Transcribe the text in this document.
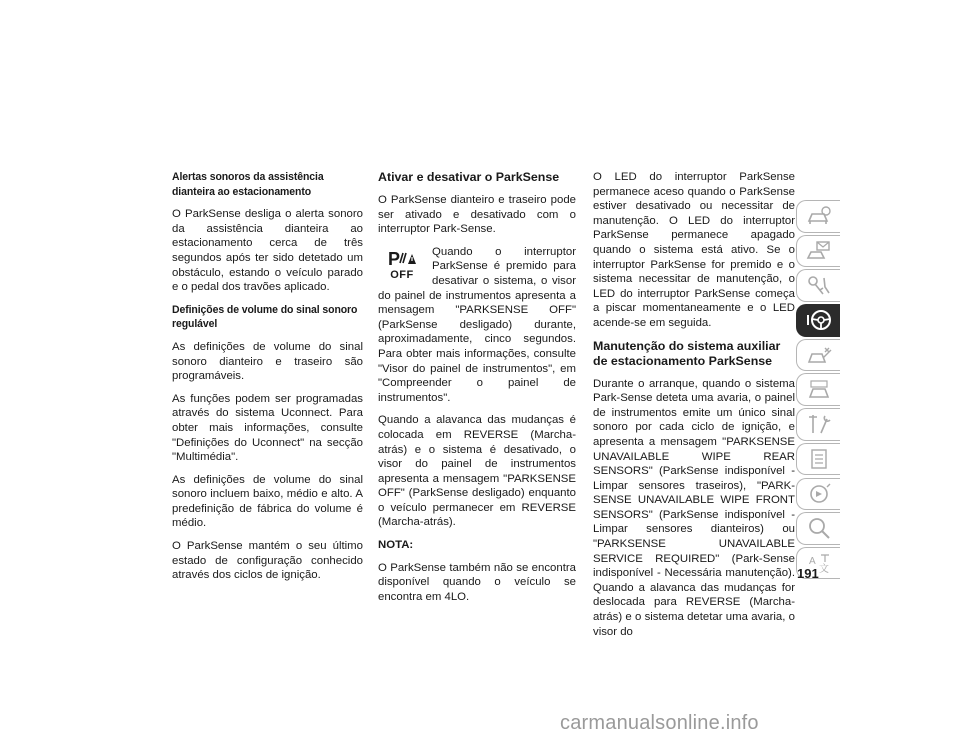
Alertas sonoros da assistência dianteira ao estacionamento

O ParkSense desliga o alerta sonoro da assistência dianteira ao estacionamento cerca de três segundos após ter sido detetado um obstáculo, estando o veículo parado e o pedal dos travões aplicado.

Definições de volume do sinal sonoro regulável

As definições de volume do sinal sonoro dianteiro e traseiro são programáveis.

As funções podem ser programadas através do sistema Uconnect. Para obter mais informações, consulte "Definições do Uconnect" na secção "Multimédia".

As definições de volume do sinal sonoro incluem baixo, médio e alto. A predefinição de fábrica do volume é médio.

O ParkSense mantém o seu último estado de configuração conhecido através dos ciclos de ignição.

Ativar e desativar o ParkSense

O ParkSense dianteiro e traseiro pode ser ativado e desativado com o interruptor Park-Sense.

P
OFF
Quando o interruptor ParkSense é premido para desativar o sistema, o visor do painel de instrumentos apresenta a mensagem "PARKSENSE OFF" (ParkSense desligado) durante, aproximadamente, cinco segundos. Para obter mais informações, consulte "Visor do painel de instrumentos", em "Compreender o painel de instrumentos".

Quando a alavanca das mudanças é colocada em REVERSE (Marcha-atrás) e o sistema é desativado, o visor do painel de instrumentos apresenta a mensagem "PARKSENSE OFF" (ParkSense desligado) enquanto o veículo permanecer em REVERSE (Marcha-atrás).

NOTA:

O ParkSense também não se encontra disponível quando o veículo se encontra em 4LO.

O LED do interruptor ParkSense permanece aceso quando o ParkSense estiver desativado ou necessitar de manutenção. O LED do interruptor ParkSense permanece apagado quando o sistema está ativo. Se o interruptor ParkSense for premido e o sistema necessitar de manutenção, o LED do interruptor ParkSense começa a piscar momentaneamente e o LED acende-se em seguida.

Manutenção do sistema auxiliar de estacionamento ParkSense

Durante o arranque, quando o sistema Park-Sense deteta uma avaria, o painel de instrumentos emite um único sinal sonoro por cada ciclo de ignição, e apresenta a mensagem "PARKSENSE UNAVAILABLE WIPE REAR SENSORS" (ParkSense indisponível - Limpar sensores traseiros), "PARK-SENSE UNAVAILABLE WIPE FRONT SENSORS" (ParkSense indisponível - Limpar sensores dianteiros) ou "PARKSENSE UNAVAILABLE SERVICE REQUIRED" (Park-Sense indisponível - Necessária manutenção). Quando a alavanca das mudanças for deslocada para REVERSE (Marcha-atrás) e o sistema detetar uma avaria, o visor do

A
文
191
carmanualsonline.info
